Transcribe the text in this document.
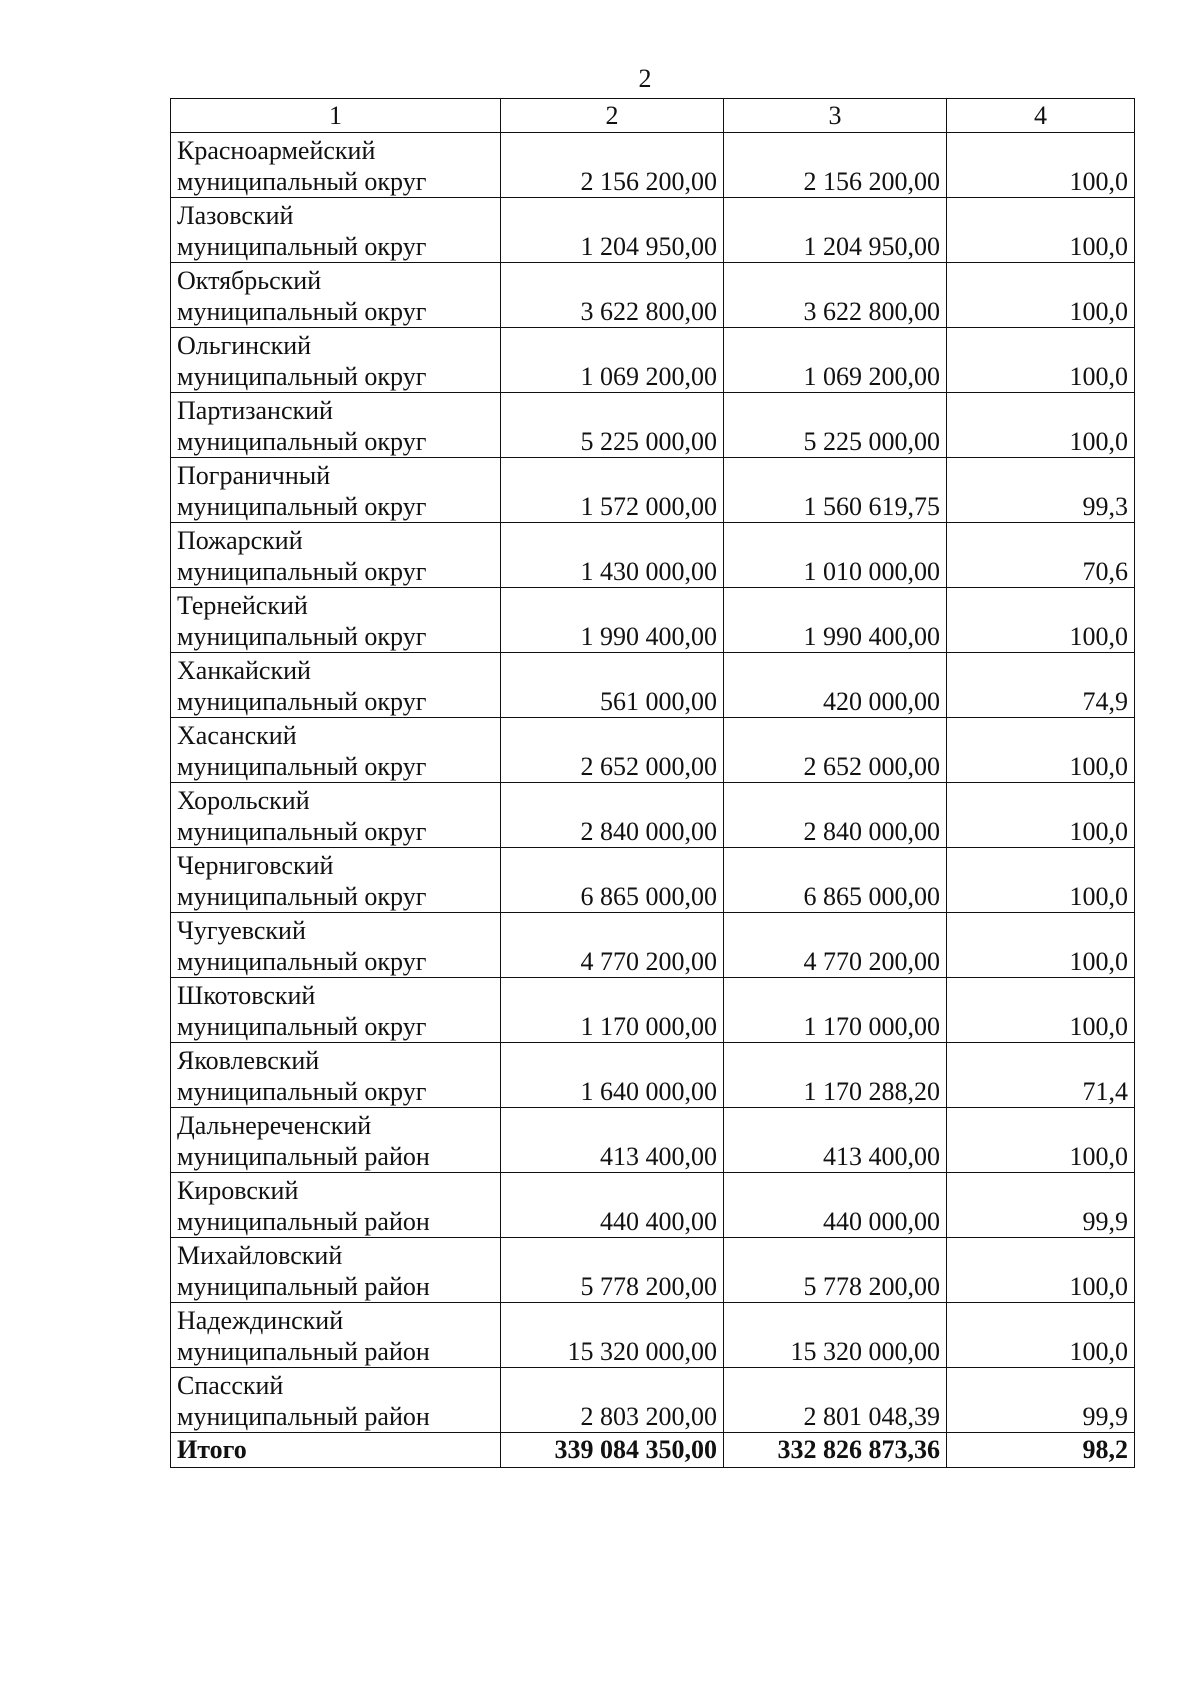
2
1	2	3	4

Красноармейский
муниципальный округ	2 156 200,00	2 156 200,00	100,0

Лазовский
муниципальный округ	1 204 950,00	1 204 950,00	100,0

Октябрьский
муниципальный округ	3 622 800,00	3 622 800,00	100,0

Ольгинский
муниципальный округ	1 069 200,00	1 069 200,00	100,0

Партизанский
муниципальный округ	5 225 000,00	5 225 000,00	100,0

Пограничный
муниципальный округ	1 572 000,00	1 560 619,75	99,3

Пожарский
муниципальный округ	1 430 000,00	1 010 000,00	70,6

Тернейский
муниципальный округ	1 990 400,00	1 990 400,00	100,0

Ханкайский
муниципальный округ	561 000,00	420 000,00	74,9

Хасанский
муниципальный округ	2 652 000,00	2 652 000,00	100,0

Хорольский
муниципальный округ	2 840 000,00	2 840 000,00	100,0

Черниговский
муниципальный округ	6 865 000,00	6 865 000,00	100,0

Чугуевский
муниципальный округ	4 770 200,00	4 770 200,00	100,0

Шкотовский
муниципальный округ	1 170 000,00	1 170 000,00	100,0

Яковлевский
муниципальный округ	1 640 000,00	1 170 288,20	71,4

Дальнереченский
муниципальный район	413 400,00	413 400,00	100,0

Кировский
муниципальный район	440 400,00	440 000,00	99,9

Михайловский
муниципальный район	5 778 200,00	5 778 200,00	100,0

Надеждинский
муниципальный район	15 320 000,00	15 320 000,00	100,0

Спасский
муниципальный район	2 803 200,00	2 801 048,39	99,9
Итого	339 084 350,00	332 826 873,36	98,2
